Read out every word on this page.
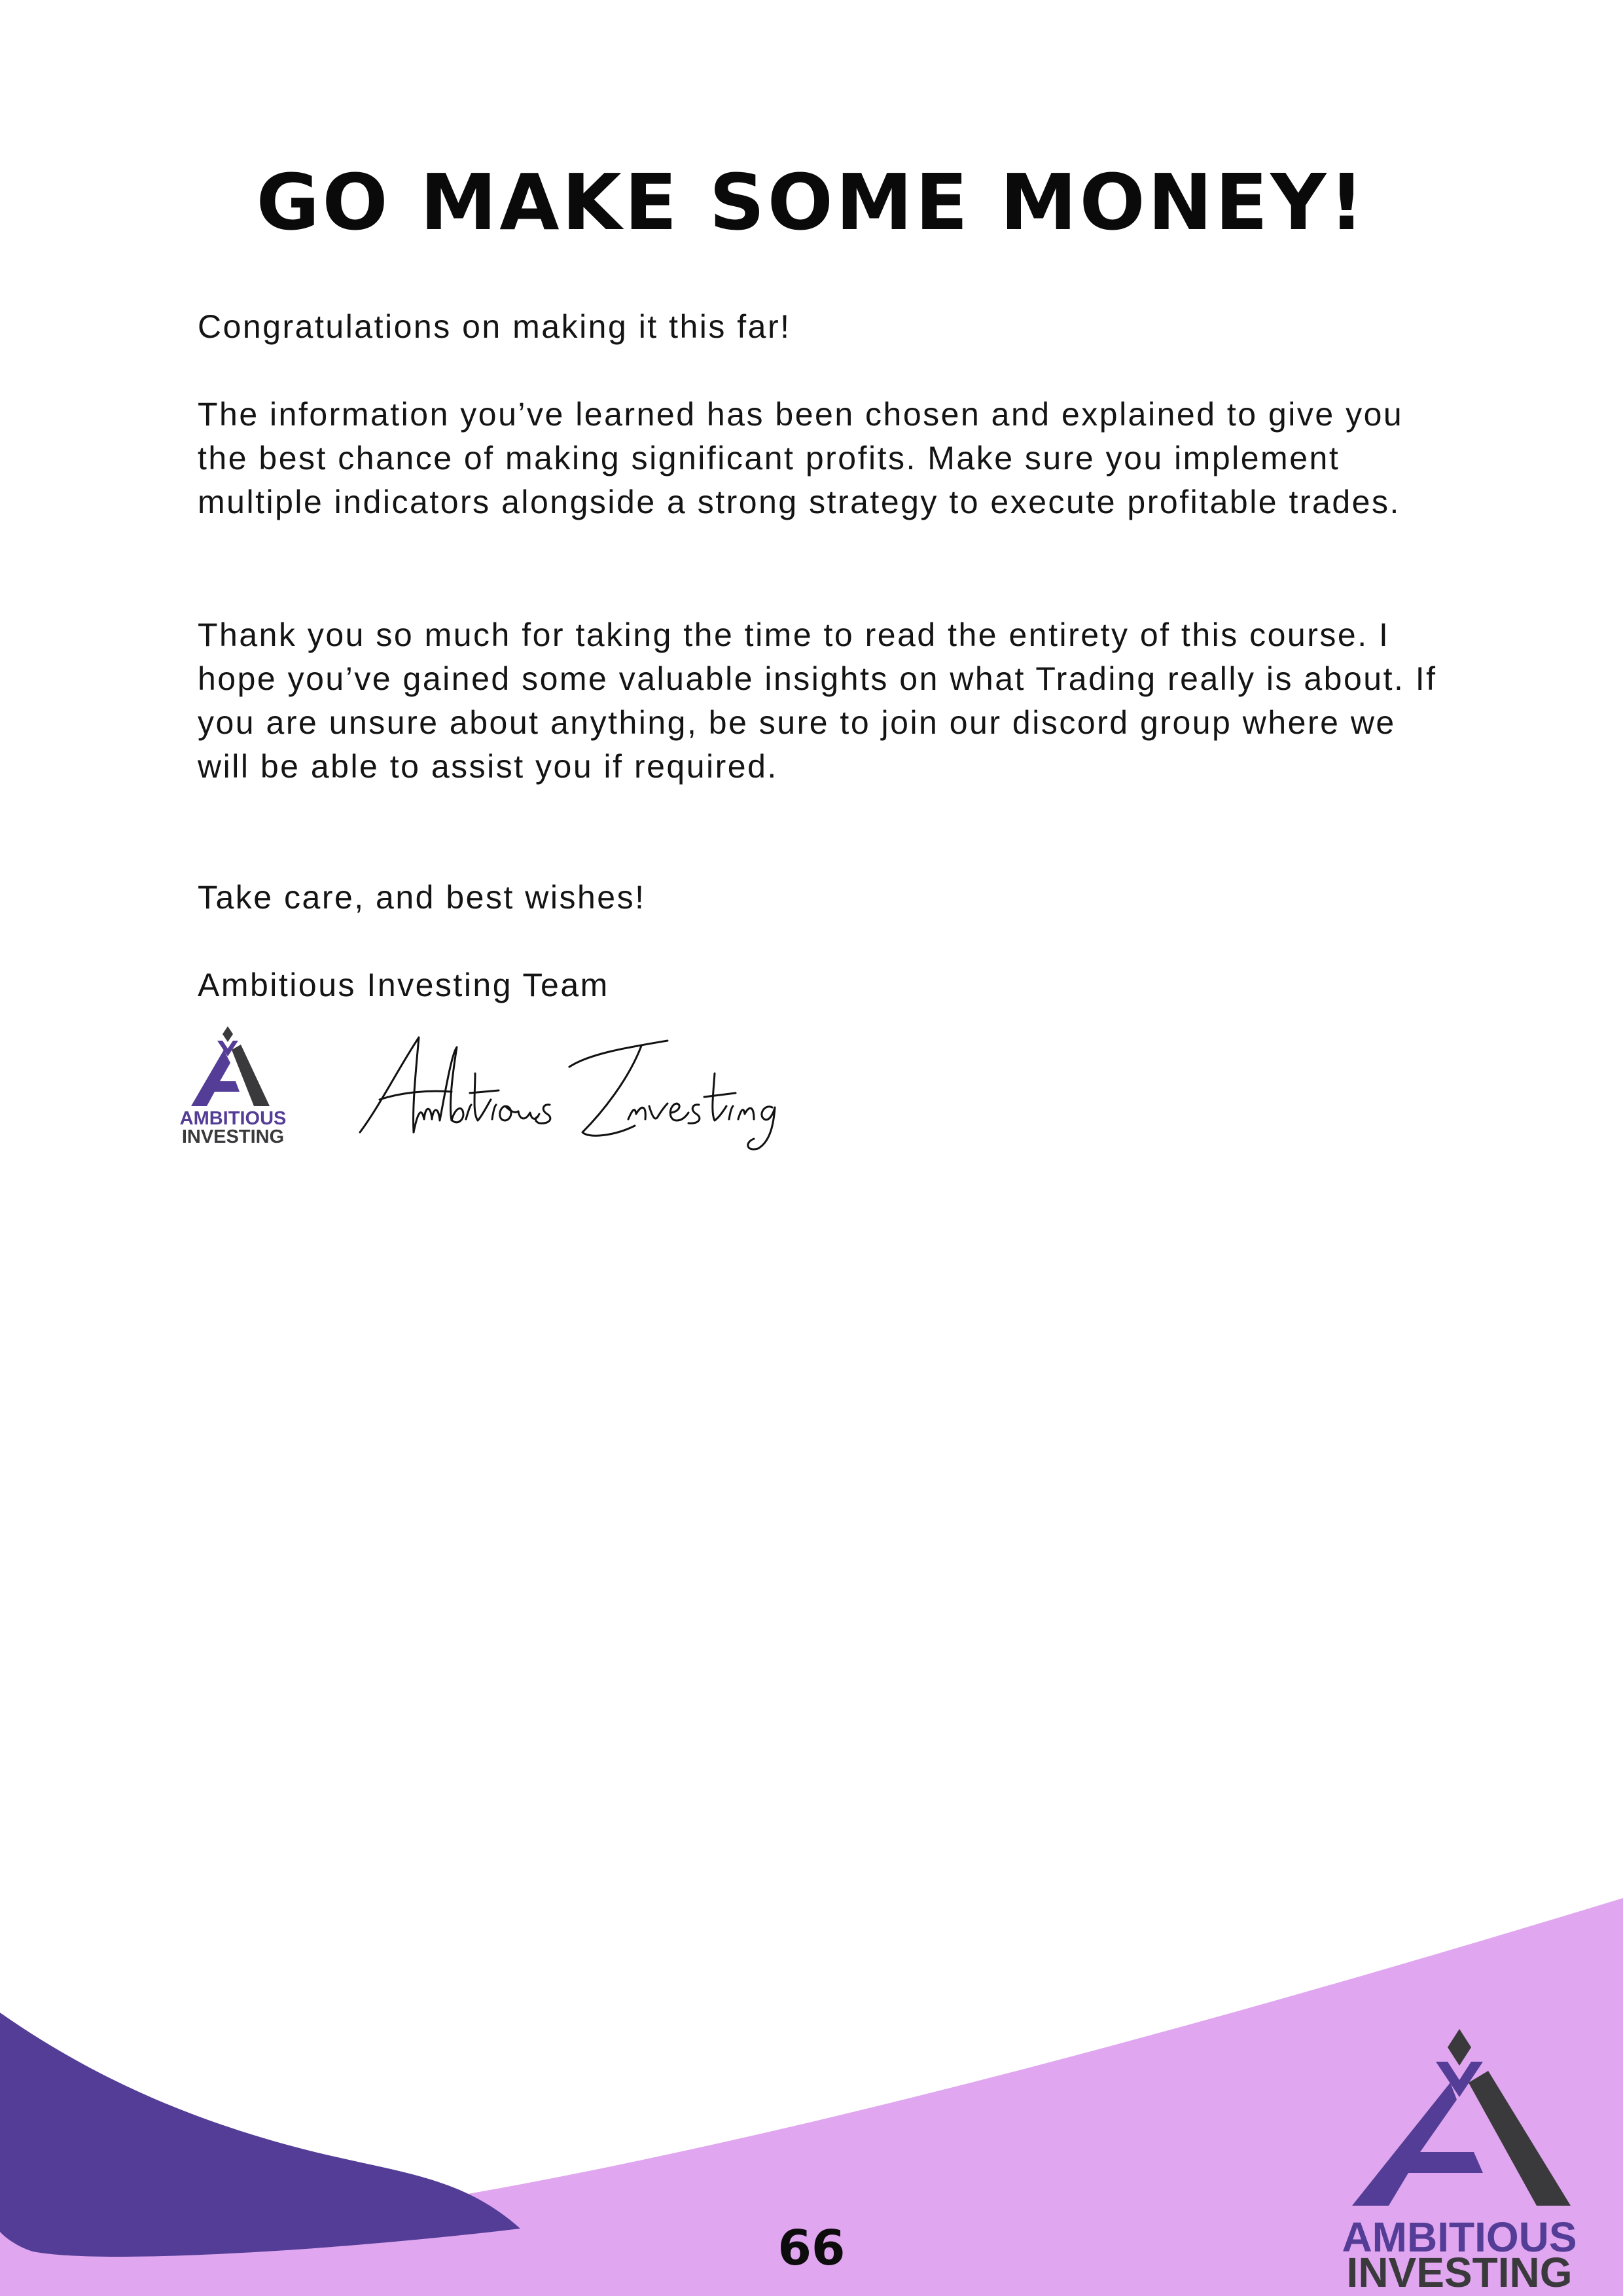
GO MAKE SOME MONEY!

Congratulations on making it this far!

The information you’ve learned has been chosen and explained to give you the best chance of making significant profits. Make sure you implement multiple indicators alongside a strong strategy to execute profitable trades.

Thank you so much for taking the time to read the entirety of this course. I hope you’ve gained some valuable insights on what Trading really is about. If you are unsure about anything, be sure to join our discord group where we will be able to assist you if required.

Take care, and best wishes!

Ambitious Investing Team

AMBITIOUS
INVESTING
66	AMBITIOUS
INVESTING
